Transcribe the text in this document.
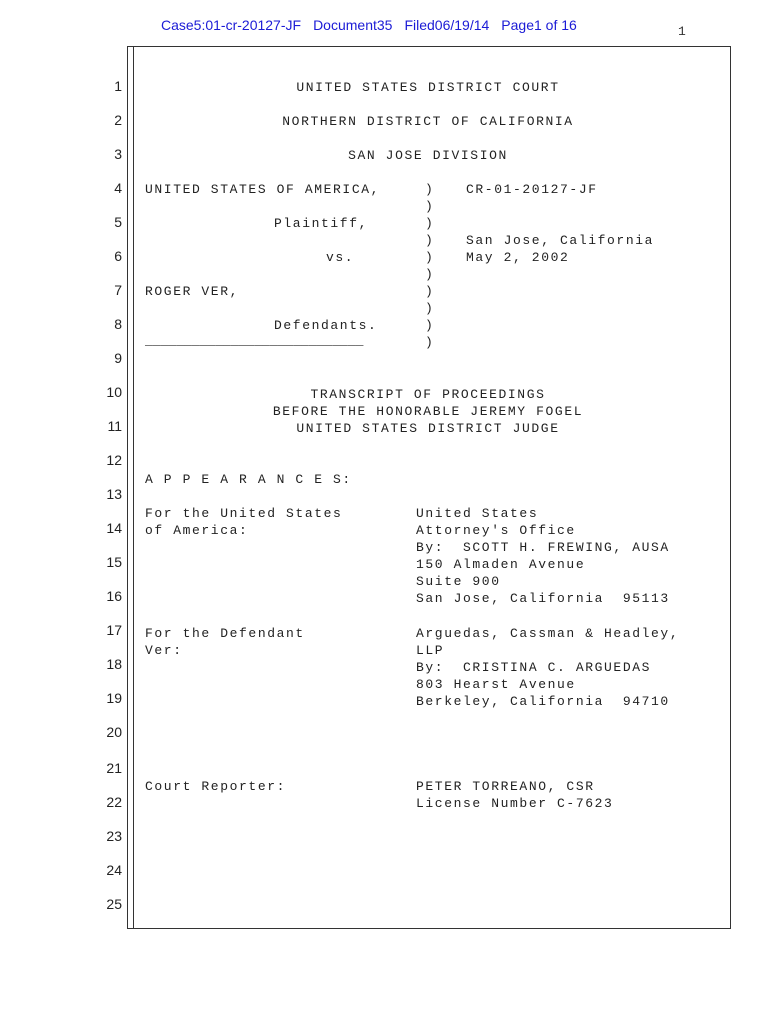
Case5:01-cr-20127-JF Document35 Filed06/19/14 Page1 of 16	1
1
2
3
4
5
6
7
8
9
10
11
12
13
14
15
16
17
18
19
20
21
22
23
24
25
UNITED STATES DISTRICT COURT
NORTHERN DISTRICT OF CALIFORNIA
SAN JOSE DIVISION
UNITED STATES OF AMERICA,
Plaintiff,
vs.
ROGER VER,
Defendants.
____________________________
)
)
)
)
)
)
)
)
)
)
CR-01-20127-JF
San Jose, California
May 2, 2002
TRANSCRIPT OF PROCEEDINGS
BEFORE THE HONORABLE JEREMY FOGEL
UNITED STATES DISTRICT JUDGE
A P P E A R A N C E S:
For the United States
of America:
United States
Attorney's Office
By:  SCOTT H. FREWING, AUSA
150 Almaden Avenue
Suite 900
San Jose, California  95113
For the Defendant
Ver:
Arguedas, Cassman & Headley,
LLP
By:  CRISTINA C. ARGUEDAS
803 Hearst Avenue
Berkeley, California  94710
Court Reporter:	PETER TORREANO, CSR
License Number C-7623
